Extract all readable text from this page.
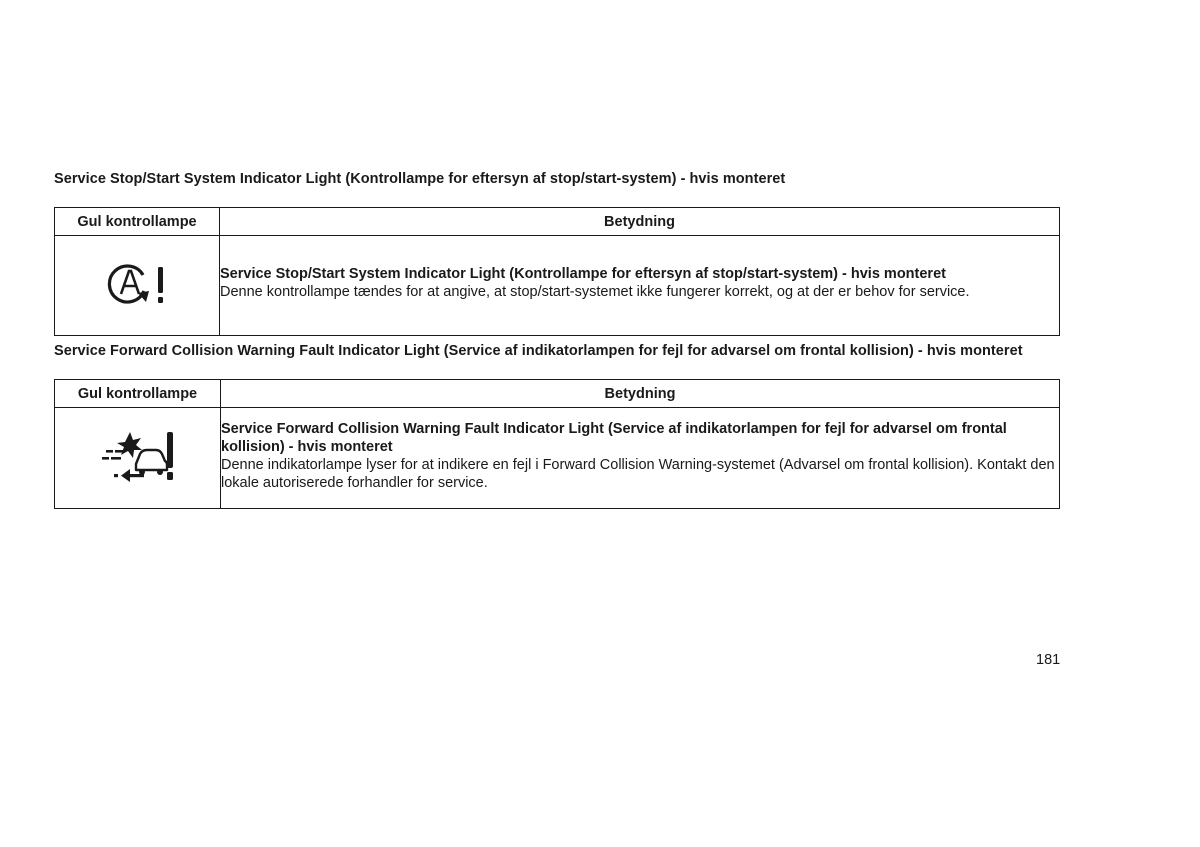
Service Stop/Start System Indicator Light (Kontrollampe for eftersyn af stop/start-system) - hvis monteret
Gul kontrollampe	Betydning

Service Stop/Start System Indicator Light (Kontrollampe for eftersyn af stop/start-system) - hvis monteret
Denne kontrollampe tændes for at angive, at stop/start-systemet ikke fungerer korrekt, og at der er behov for service.
Service Forward Collision Warning Fault Indicator Light (Service af indikatorlampen for fejl for advarsel om frontal kollision) - hvis monteret
Gul kontrollampe	Betydning

Service Forward Collision Warning Fault Indicator Light (Service af indikatorlampen for fejl for advarsel om frontal kollision) - hvis monteret
Denne indikatorlampe lyser for at indikere en fejl i Forward Collision Warning-systemet (Advarsel om frontal kollision). Kontakt den lokale autoriserede forhandler for service.
181
